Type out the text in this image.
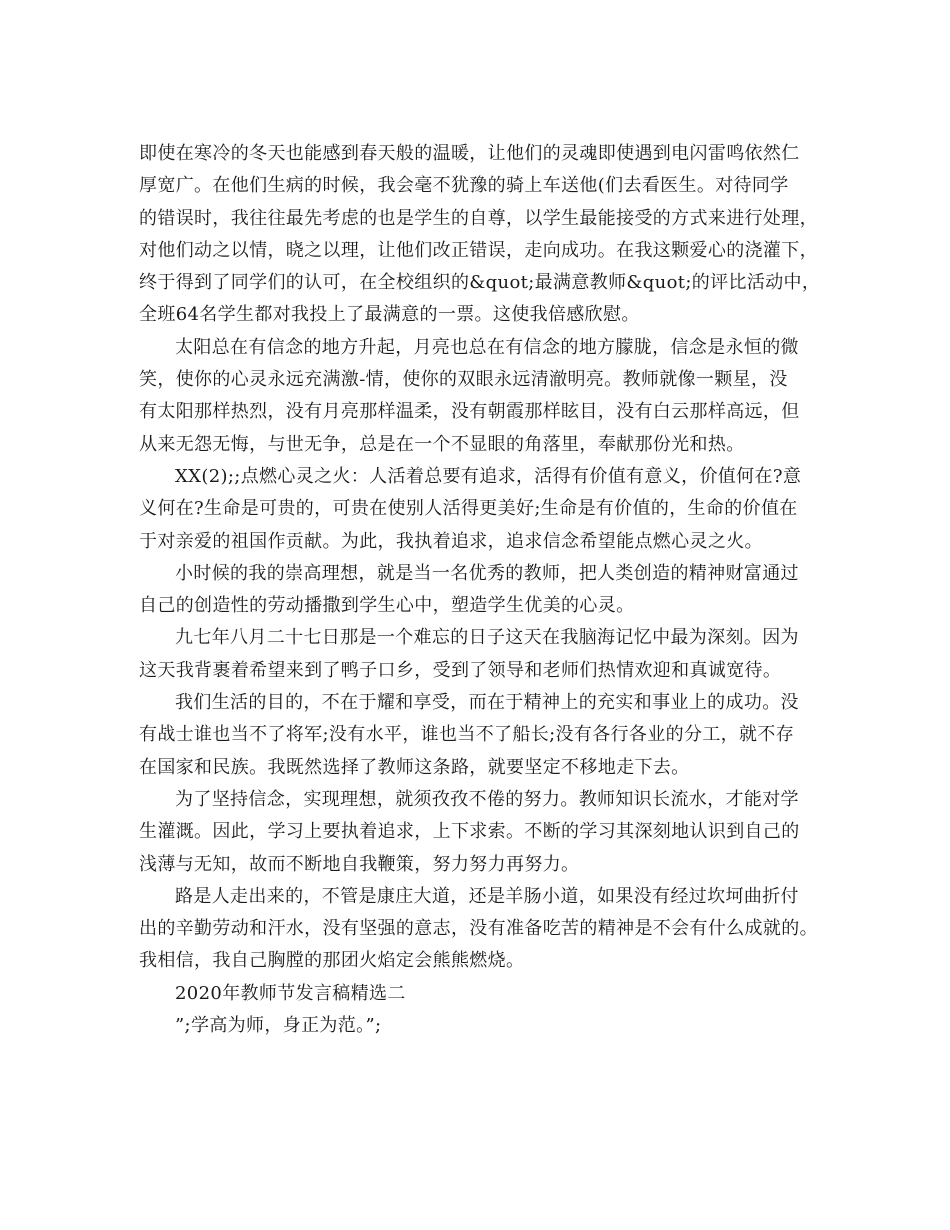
即使在寒冷的冬天也能感到春天般的温暖，让他们的灵魂即使遇到电闪雷鸣依然仁
厚宽广。在他们生病的时候，我会毫不犹豫的骑上车送他(们去看医生。对待同学
的错误时，我往往最先考虑的也是学生的自尊，以学生最能接受的方式来进行处理，
对他们动之以情，晓之以理，让他们改正错误，走向成功。在我这颗爱心的浇灌下，
终于得到了同学们的认可，在全校组织的&quot;最满意教师&quot;的评比活动中，
全班64名学生都对我投上了最满意的一票。这使我倍感欣慰。

太阳总在有信念的地方升起，月亮也总在有信念的地方朦胧，信念是永恒的微
笑，使你的心灵永远充满激-情，使你的双眼永远清澈明亮。教师就像一颗星，没
有太阳那样热烈，没有月亮那样温柔，没有朝霞那样眩目，没有白云那样高远，但
从来无怨无悔，与世无争，总是在一个不显眼的角落里，奉献那份光和热。

XX(2);;点燃心灵之火：人活着总要有追求，活得有价值有意义，价值何在?意
义何在?生命是可贵的，可贵在使别人活得更美好;生命是有价值的，生命的价值在
于对亲爱的祖国作贡献。为此，我执着追求，追求信念希望能点燃心灵之火。

小时候的我的崇高理想，就是当一名优秀的教师，把人类创造的精神财富通过
自己的创造性的劳动播撒到学生心中，塑造学生优美的心灵。

九七年八月二十七日那是一个难忘的日子这天在我脑海记忆中最为深刻。因为
这天我背裹着希望来到了鸭子口乡，受到了领导和老师们热情欢迎和真诚宽待。

我们生活的目的，不在于耀和享受，而在于精神上的充实和事业上的成功。没
有战士谁也当不了将军;没有水平，谁也当不了船长;没有各行各业的分工，就不存
在国家和民族。我既然选择了教师这条路，就要坚定不移地走下去。

为了坚持信念，实现理想，就须孜孜不倦的努力。教师知识长流水，才能对学
生灌溉。因此，学习上要执着追求，上下求索。不断的学习其深刻地认识到自己的
浅薄与无知，故而不断地自我鞭策，努力努力再努力。

路是人走出来的，不管是康庄大道，还是羊肠小道，如果没有经过坎坷曲折付
出的辛勤劳动和汗水，没有坚强的意志，没有准备吃苦的精神是不会有什么成就的。
我相信，我自己胸膛的那团火焰定会熊熊燃烧。

2020年教师节发言稿精选二

”;学高为师，身正为范。”;
